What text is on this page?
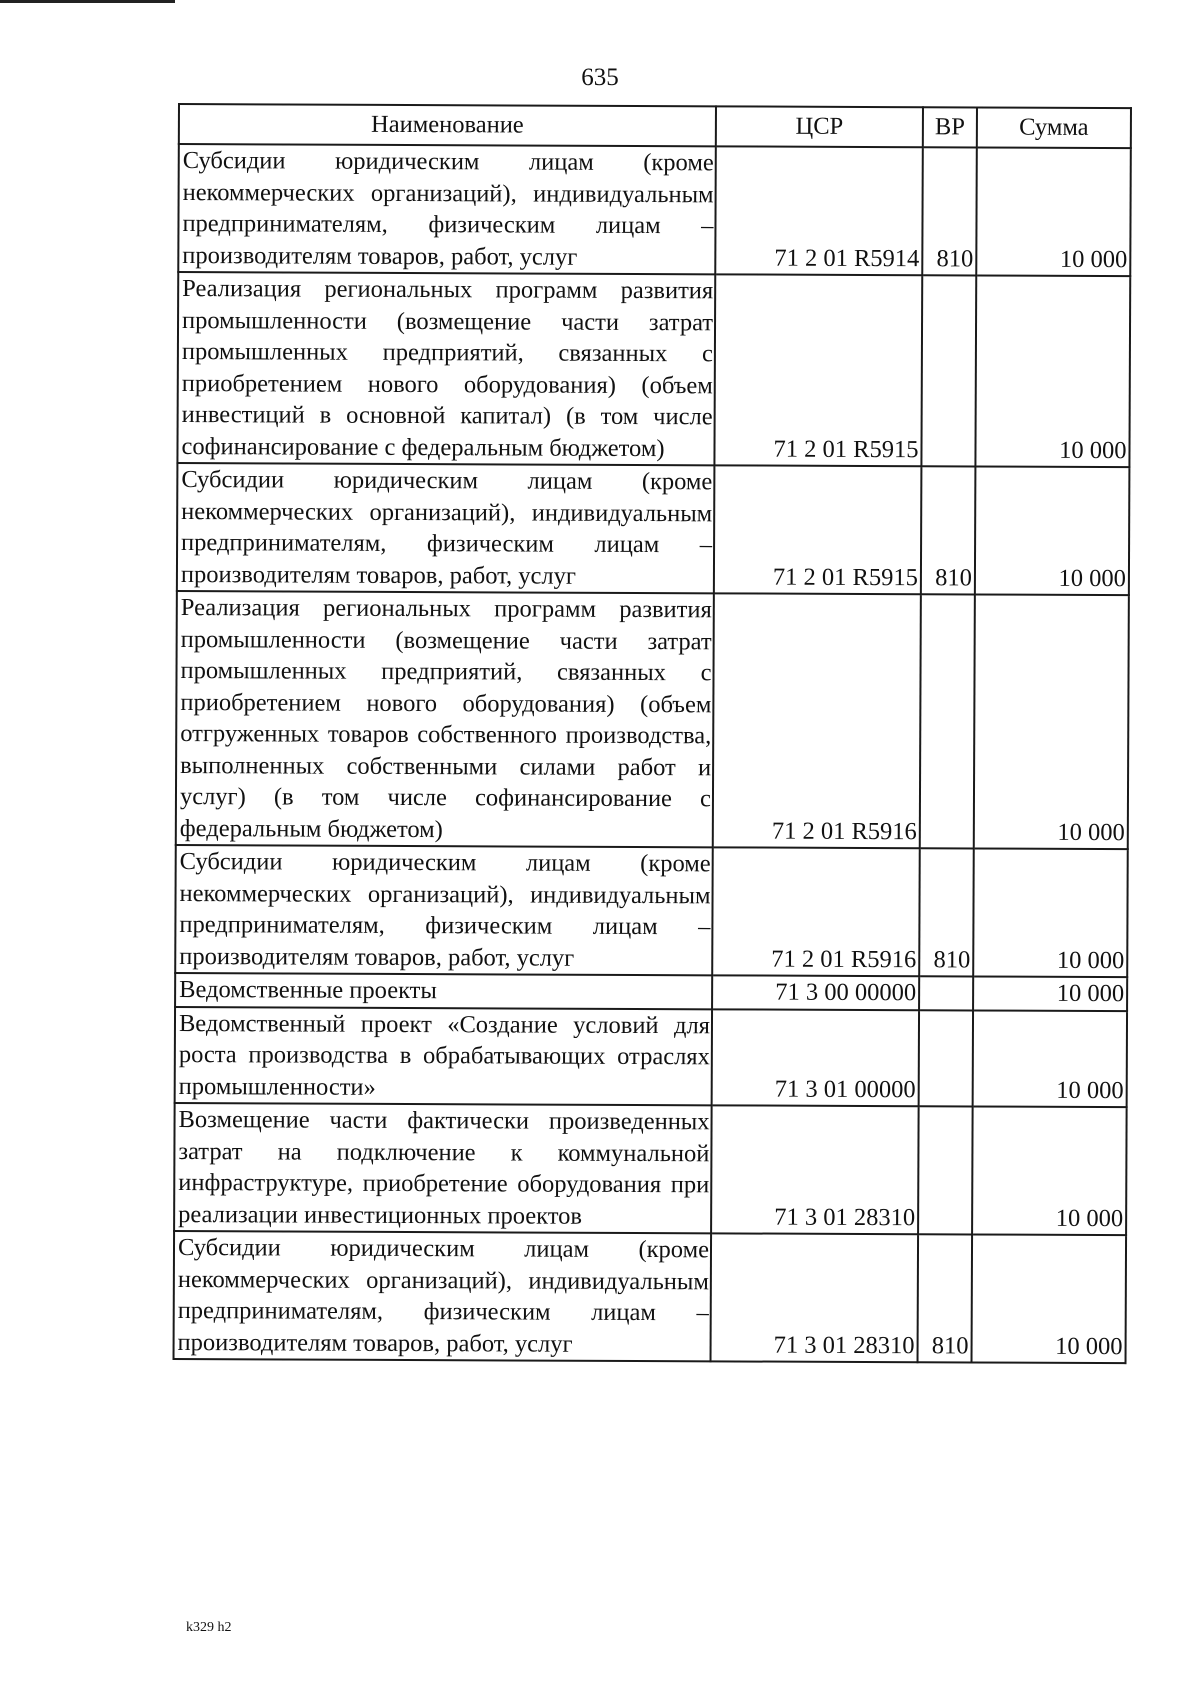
635
Наименование	ЦСР	ВР	Сумма
Субсидии юридическим лицам (кроме некоммерческих организаций), индивидуальным предпринимателям, физическим лицам – производителям товаров, работ, услуг	71 2 01 R5914	810	10 000
Реализация региональных программ развития промышленности (возмещение части затрат промышленных предприятий, связанных с приобретением нового оборудования) (объем инвестиций в основной капитал) (в том числе софинансирование с федеральным бюджетом)	71 2 01 R5915		10 000
Субсидии юридическим лицам (кроме некоммерческих организаций), индивидуальным предпринимателям, физическим лицам – производителям товаров, работ, услуг	71 2 01 R5915	810	10 000
Реализация региональных программ развития промышленности (возмещение части затрат промышленных предприятий, связанных с приобретением нового оборудования) (объем отгруженных товаров собственного производства, выполненных собственными силами работ и услуг) (в том числе софинансирование с федеральным бюджетом)	71 2 01 R5916		10 000
Субсидии юридическим лицам (кроме некоммерческих организаций), индивидуальным предпринимателям, физическим лицам – производителям товаров, работ, услуг	71 2 01 R5916	810	10 000
Ведомственные проекты	71 3 00 00000		10 000
Ведомственный проект «Создание условий для роста производства в обрабатывающих отраслях промышленности»	71 3 01 00000		10 000
Возмещение части фактически произведенных затрат на подключение к коммунальной инфраструктуре, приобретение оборудования при реализации инвестиционных проектов	71 3 01 28310		10 000
Субсидии юридическим лицам (кроме некоммерческих организаций), индивидуальным предпринимателям, физическим лицам – производителям товаров, работ, услуг	71 3 01 28310	810	10 000
k329 h2
